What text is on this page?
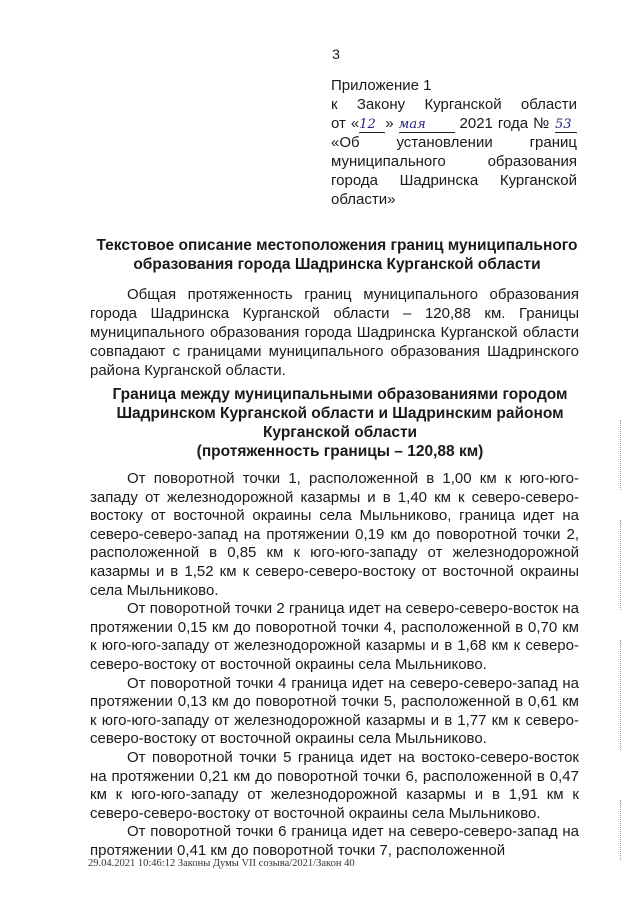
3
Приложение 1
к Закону Курганской области
от «12 » мая 2021 года № 53
«Об установлении границ
муниципального образования
города Шадринска Курганской
области»
Текстовое описание местоположения границ муниципального образования города Шадринска Курганской области

Общая протяженность границ муниципального образования города Шадринска Курганской области – 120,88 км. Границы муниципального образования города Шадринска Курганской области совпадают с границами муниципального образования Шадринского района Курганской области.

Граница между муниципальными образованиями городом
Шадринском Курганской области и Шадринским районом
Курганской области
(протяженность границы – 120,88 км)

От поворотной точки 1, расположенной в 1,00 км к юго-юго-западу от железнодорожной казармы и в 1,40 км к северо-северо-востоку от восточной окраины села Мыльниково, граница идет на северо-северо-запад на протяжении 0,19 км до поворотной точки 2, расположенной в 0,85 км к юго-юго-западу от железнодорожной казармы и в 1,52 км к северо-северо-востоку от восточной окраины села Мыльниково.

От поворотной точки 2 граница идет на северо-северо-восток на протяжении 0,15 км до поворотной точки 4, расположенной в 0,70 км к юго-юго-западу от железнодорожной казармы и в 1,68 км к северо-северо-востоку от восточной окраины села Мыльниково.

От поворотной точки 4 граница идет на северо-северо-запад на протяжении 0,13 км до поворотной точки 5, расположенной в 0,61 км к юго-юго-западу от железнодорожной казармы и в 1,77 км к северо-северо-востоку от восточной окраины села Мыльниково.

От поворотной точки 5 граница идет на востоко-северо-восток на протяжении 0,21 км до поворотной точки 6, расположенной в 0,47 км к юго-юго-западу от железнодорожной казармы и в 1,91 км к северо-северо-востоку от восточной окраины села Мыльниково.

От поворотной точки 6 граница идет на северо-северо-запад на протяжении 0,41 км до поворотной точки 7, расположенной

29.04.2021 10:46:12 Законы Думы VII созыва/2021/Закон 40
